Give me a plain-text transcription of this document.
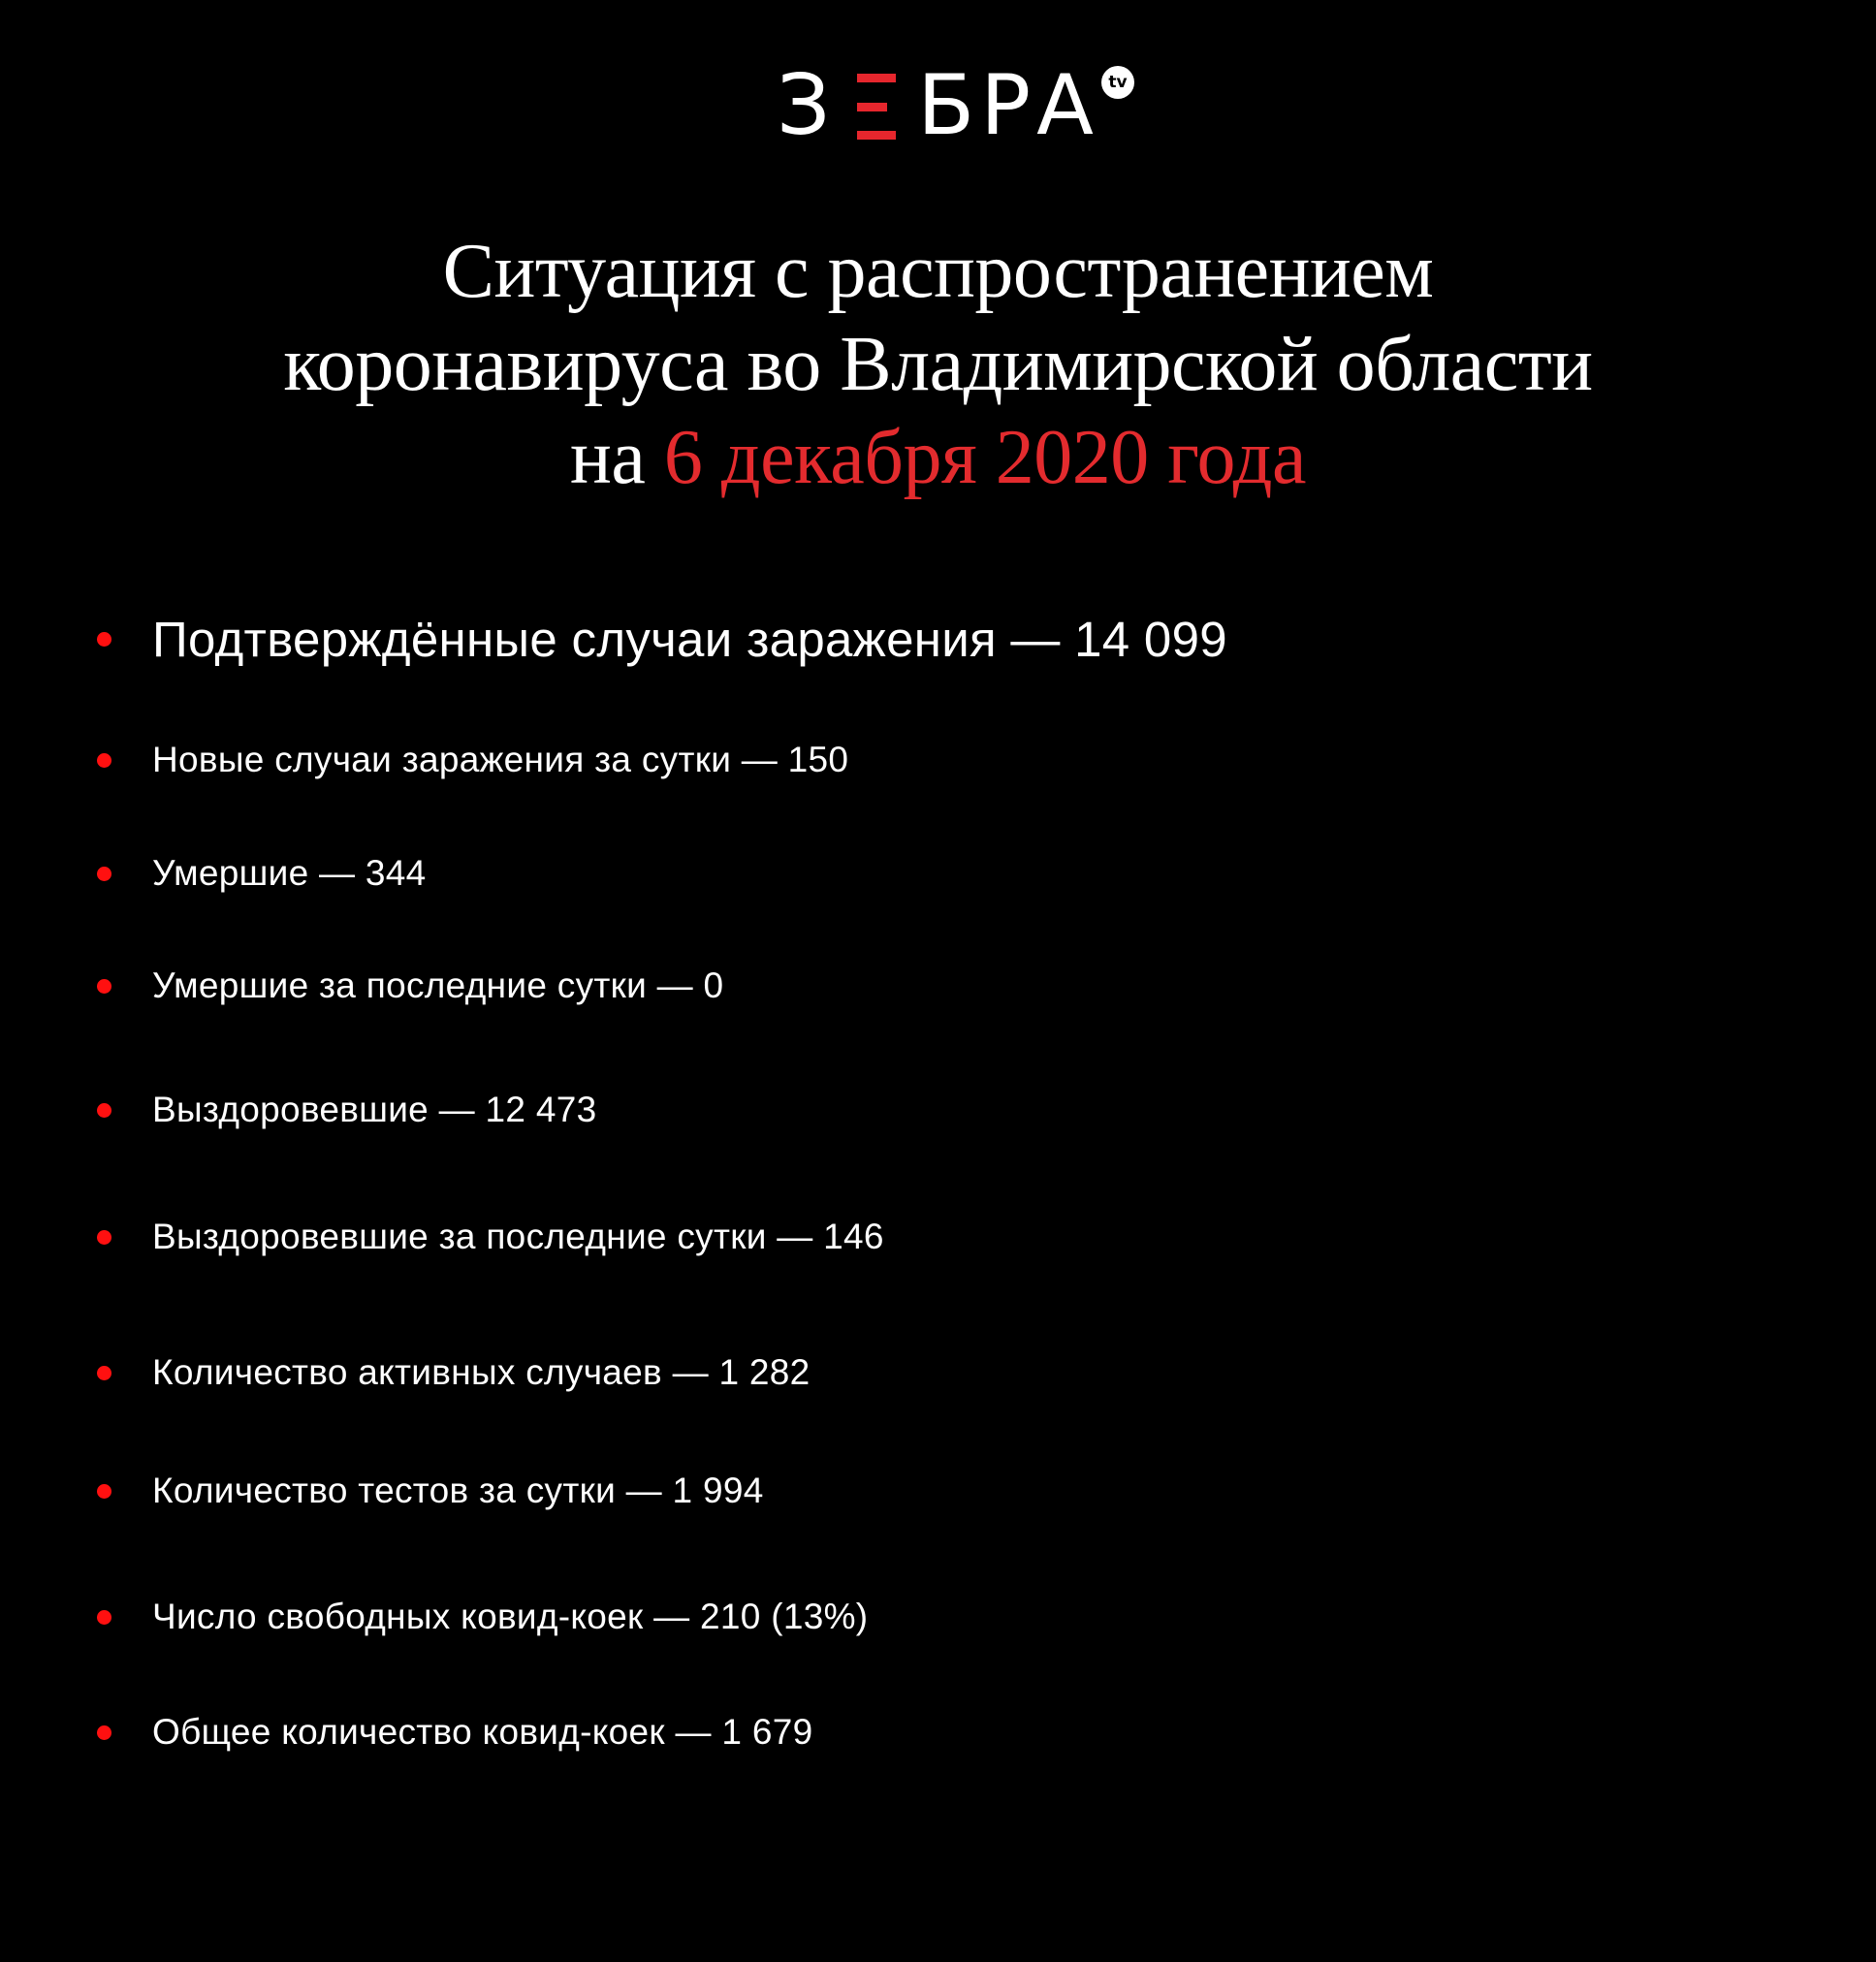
З БРА tv
Ситуация с распространением
коронавируса во Владимирской области
на 6 декабря 2020 года
Подтверждённые случаи заражения — 14 099
Новые случаи заражения за сутки — 150
Умершие — 344
Умершие за последние сутки — 0
Выздоровевшие — 12 473
Выздоровевшие за последние сутки — 146
Количество активных случаев — 1 282
Количество тестов за сутки — 1 994
Число свободных ковид-коек — 210 (13%)
Общее количество ковид-коек — 1 679
